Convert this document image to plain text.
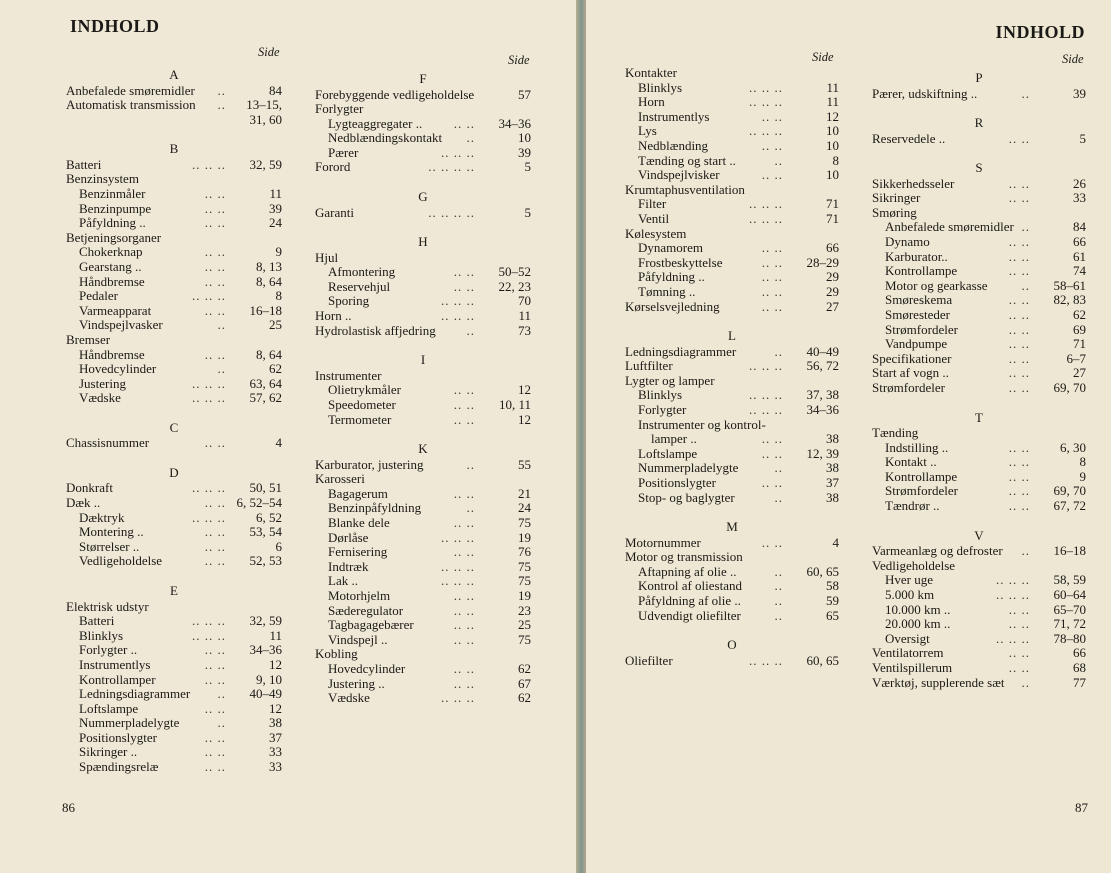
INDHOLD
Side
Side
A
Anbefalede smøremidler ..	84
Automatisk transmission .. 13–15,
31, 60
B
Batteri	.. .. .. 32, 59
Benzinsystem
Benzinmåler	.. ..	11
Benzinpumpe	.. ..	39
Påfyldning ..	.. ..	24
Betjeningsorganer
Chokerknap	.. ..	9
Gearstang ..	.. .. 8, 13
Håndbremse	.. .. 8, 64
Pedaler	.. .. ..	8
Varmeapparat	.. .. 16–18
Vindspejlvasker	..	25
Bremser
Håndbremse	.. .. 8, 64
Hovedcylinder	..	62
Justering	.. .. .. 63, 64
Vædske	.. .. .. 57, 62
C
Chassisnummer	.. ..	4
D
Donkraft	.. .. .. 50, 51
Dæk ..	.. .. 6, 52–54
Dæktryk	.. .. .. 6, 52
Montering ..	.. .. 53, 54
Størrelser ..	.. ..	6
Vedligeholdelse	.. .. 52, 53
E
Elektrisk udstyr
Batteri	.. .. .. 32, 59
Blinklys	.. .. ..	11
Forlygter ..	.. .. 34–36
Instrumentlys	.. ..	12
Kontrollamper	.. .. 9, 10
Ledningsdiagrammer .. 40–49
Loftslampe	.. ..	12
Nummerpladelygte	..	38
Positionslygter	.. ..	37
Sikringer ..	.. ..	33
Spændingsrelæ	.. ..	33
F
Forebyggende vedligeholdelse	57
Forlygter
Lygteaggregater .. .. .. 34–36
Nedblændingskontakt ..	10
Pærer	.. .. ..	39
Forord	.. .. .. ..	5
G
Garanti	.. .. .. ..	5
H
Hjul
Afmontering	.. .. 50–52
Reservehjul	.. .. 22, 23
Sporing	.. .. ..	70
Horn ..	.. .. ..	11
Hydrolastisk affjedring ..	73
I
Instrumenter
Olietrykmåler	.. ..	12
Speedometer	.. .. 10, 11
Termometer	.. ..	12
K
Karburator, justering	..	55
Karosseri
Bagagerum	.. ..	21
Benzinpåfyldning	..	24
Blanke dele	.. ..	75
Dørlåse	.. .. ..	19
Fernisering	.. ..	76
Indtræk	.. .. ..	75
Lak ..	.. .. ..	75
Motorhjelm	.. ..	19
Sæderegulator	.. ..	23
Tagbagagebærer	.. ..	25
Vindspejl ..	.. ..	75
Kobling
Hovedcylinder	.. ..	62
Justering ..	.. ..	67
Vædske	.. .. ..	62
86
INDHOLD
Side	Side
Kontakter
Blinklys	.. .. ..	11
Horn	.. .. ..	11
Instrumentlys	.. ..	12
Lys	.. .. ..	10
Nedblænding	.. ..	10
Tænding og start ..	..	8
Vindspejlvisker	.. ..	10
Krumtaphusventilation
Filter	.. .. ..	71
Ventil	.. .. ..	71
Kølesystem
Dynamorem	.. ..	66
Frostbeskyttelse	.. .. 28–29
Påfyldning ..	.. ..	29
Tømning ..	.. ..	29
Kørselsvejledning	.. ..	27
L
Ledningsdiagrammer	.. 40–49
Luftfilter	.. .. .. 56, 72
Lygter og lamper
Blinklys	.. .. .. 37, 38
Forlygter	.. .. .. 34–36
Instrumenter og kontrol-
lamper ..	.. ..	38
Loftslampe	.. .. 12, 39
Nummerpladelygte	..	38
Positionslygter	.. ..	37
Stop- og baglygter	..	38
M
Motornummer	.. ..	4
Motor og transmission
Aftapning af olie ..	.. 60, 65
Kontrol af oliestand	..	58
Påfyldning af olie ..	..	59
Udvendigt oliefilter	..	65
O
Oliefilter	.. .. .. 60, 65
P
Pærer, udskiftning ..	..	39
R
Reservedele ..	.. ..	5
S
Sikkerhedsseler	.. ..	26
Sikringer	.. ..	33
Smøring
Anbefalede smøremidler ..	84
Dynamo	.. ..	66
Karburator..	.. ..	61
Kontrollampe	.. ..	74
Motor og gearkasse	.. 58–61
Smøreskema	.. .. 82, 83
Smøresteder	.. ..	62
Strømfordeler	.. ..	69
Vandpumpe	.. ..	71
Specifikationer	.. ..	6–7
Start af vogn ..	.. ..	27
Strømfordeler	.. .. 69, 70
T
Tænding
Indstilling ..	.. .. 6, 30
Kontakt ..	.. ..	8
Kontrollampe	.. ..	9
Strømfordeler	.. .. 69, 70
Tændrør ..	.. .. 67, 72
V
Varmeanlæg og defroster .. 16–18
Vedligeholdelse
Hver uge	.. .. .. 58, 59
5.000 km	.. .. .. 60–64
10.000 km ..	.. .. 65–70
20.000 km ..	.. .. 71, 72
Oversigt	.. .. .. 78–80
Ventilatorrem	.. ..	66
Ventilspillerum	.. ..	68
Værktøj, supplerende sæt ..	77
87
